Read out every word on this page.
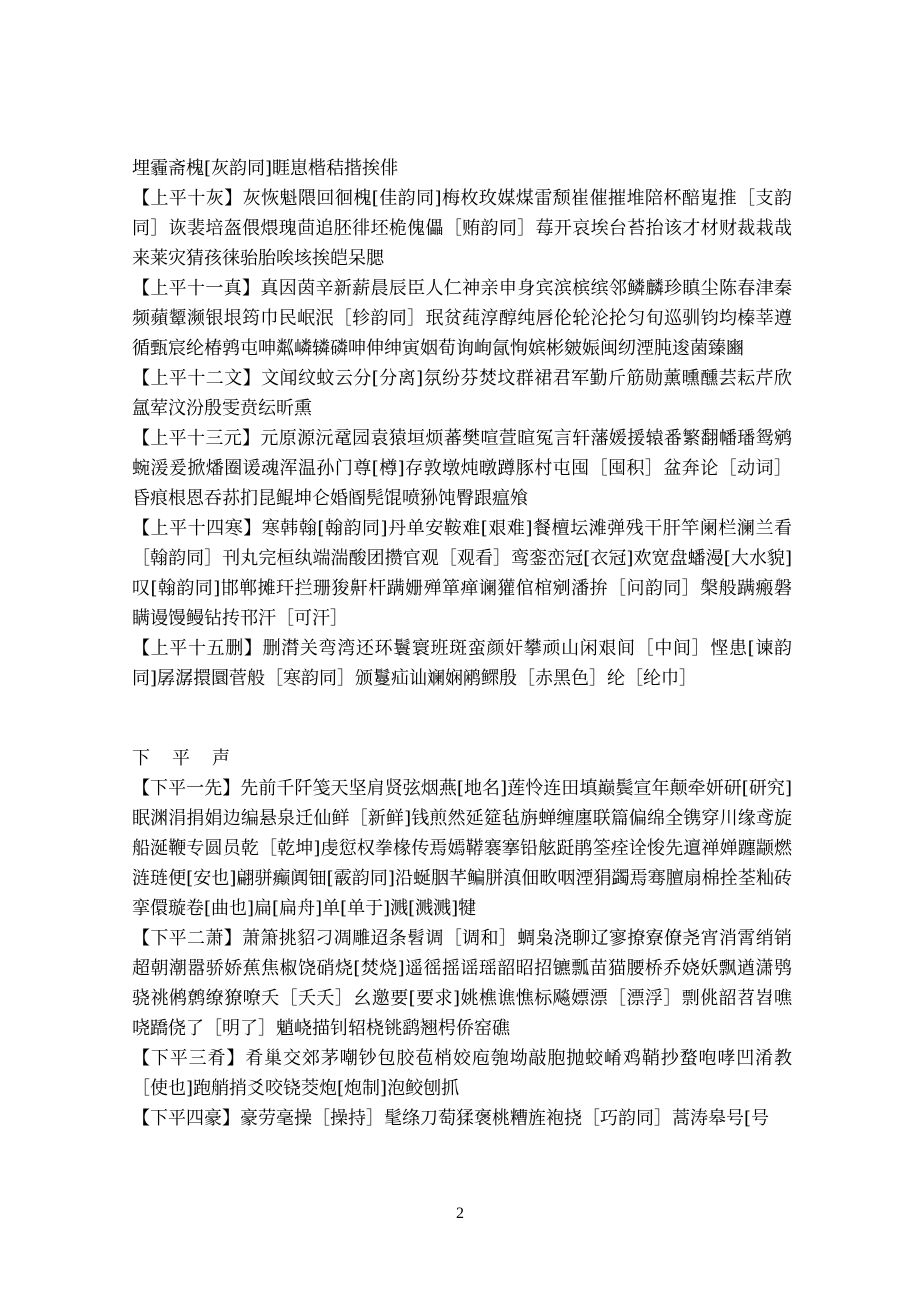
埋霾斋槐[灰韵同]睚崽楷秸揩挨俳

【上平十灰】灰恢魁隈回徊槐[佳韵同]梅枚玫媒煤雷颓崔催摧堆陪杯醅嵬推［支韵同］诙裴培盔偎煨瑰茴追胚徘坯桅傀儡［贿韵同］莓开哀埃台苔抬该才材财裁栽哉来莱灾猜孩徕骀胎唉垓挨皑呆腮

【上平十一真】真因茵辛新薪晨辰臣人仁神亲申身宾滨槟缤邻鳞麟珍瞋尘陈春津秦频蘋颦濒银垠筠巾民岷泯［轸韵同］珉贫莼淳醇纯唇伦轮沦抡匀旬巡驯钧均榛莘遵循甄宸纶椿鹑屯呻粼嶙辚磷呻伸绅寅姻荀询峋氤恂嫔彬皴娠闽纫湮肫逡菌臻豳

【上平十二文】文闻纹蚊云分[分离]氛纷芬焚坟群裙君军勤斤筋勋薰曛醺芸耘芹欣氲荤汶汾殷雯贲纭昕熏

【上平十三元】元原源沅鼋园袁猿垣烦蕃樊喧萱暄冤言轩藩媛援辕番繁翻幡璠鸳鹓蜿湲爰掀燔圈谖魂浑温孙门尊[樽]存敦墩炖暾蹲豚村屯囤［囤积］盆奔论［动词］昏痕根恩吞荪扪昆鲲坤仑婚阍髡馄喷狲饨臀跟瘟飧

【上平十四寒】寒韩翰[翰韵同]丹单安鞍难[艰难]餐檀坛滩弹残干肝竿阑栏澜兰看［翰韵同］刊丸完桓纨端湍酸团攒官观［观看］鸾銮峦冠[衣冠]欢宽盘蟠漫[大水貌]叹[翰韵同]邯郸摊玕拦珊狻鼾杆蹒姗殚箪瘅谰獾倌棺剜潘拚［问韵同］槃般蹒瘢磐瞒谩馒鳗钻抟邗汗［可汗］

【上平十五删】删潸关弯湾还环鬟寰班斑蛮颜奸攀顽山闲艰间［中间］悭患[谏韵同]孱潺擐圜菅般［寒韵同］颁鬘疝讪斓娴鹇鳏殷［赤黑色］纶［纶巾］

下平声

【下平一先】先前千阡笺天坚肩贤弦烟燕[地名]莲怜连田填巅鬓宣年颠牵妍研[研究]眠渊涓捐娟边编悬泉迁仙鲜［新鲜]钱煎然延筵毡旃蝉缠廛联篇偏绵全镌穿川缘鸢旋船涎鞭专圆员乾［乾坤]虔愆权拳椽传焉嫣鞯褰搴铅舷跹鹃筌痊诠悛先邅禅婵躔颛燃涟琏便[安也]翩骈癫阗钿[霰韵同]沿蜒胭芊鳊胼滇佃畋咽湮狷蠲焉骞膻扇棉拴荃籼砖挛儇璇卷[曲也]扁[扁舟]单[单于]溅[溅溅]犍

【下平二萧】萧箫挑貂刁凋雕迢条髫调［调和］蜩枭浇聊辽寥撩寮僚尧宵消霄绡销超朝潮嚣骄娇蕉焦椒饶硝烧[焚烧]遥徭摇谣瑶韶昭招镳瓢苗猫腰桥乔娆妖飘遒潇鸮骁祧鸺鹩缭獠嘹夭［夭夭］幺邀要[要求]姚樵谯憔标飚嫖漂［漂浮］剽佻韶苕岧噍哓蹻侥了［明了］魈峣描钊轺桡铫鹞翘枵侨窑礁

【下平三肴】肴巢交郊茅嘲钞包胶苞梢姣庖匏坳敲胞抛蛟崤鸡鞘抄蝥咆哮凹淆教［使也]跑艄捎爻咬铙茭炮[炮制]泡鲛刨抓

【下平四豪】豪劳毫操［操持］髦绦刀萄猱褒桃糟旌袍挠［巧韵同］蒿涛皋号[号

2
